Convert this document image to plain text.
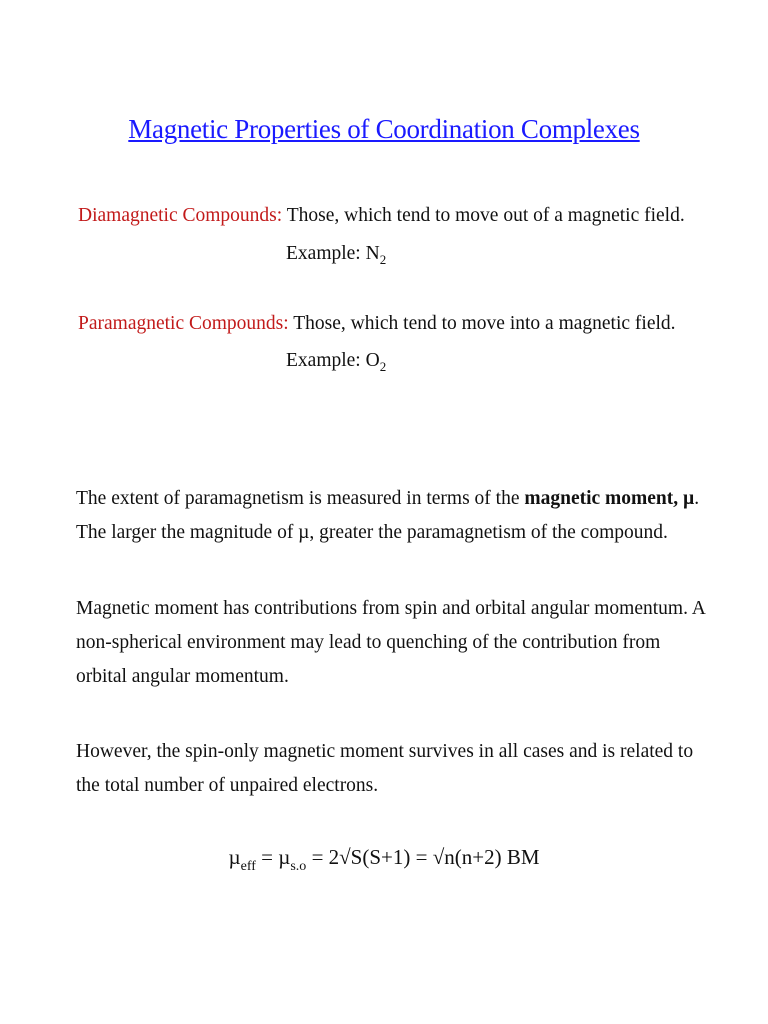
Magnetic Properties of Coordination Complexes
Diamagnetic Compounds: Those, which tend to move out of a magnetic field.
Example: $N_2$
Paramagnetic Compounds: Those, which tend to move into a magnetic field.
Example: $O_2$
The extent of paramagnetism is measured in terms of the magnetic moment, µ. The larger the magnitude of µ, greater the paramagnetism of the compound.
Magnetic moment has contributions from spin and orbital angular momentum. A non-spherical environment may lead to quenching of the contribution from orbital angular momentum.
However, the spin-only magnetic moment survives in all cases and is related to the total number of unpaired electrons.
µ$_{eff}$ = µ$_{s.o}$ = 2√S(S+1) = √n(n+2) BM
